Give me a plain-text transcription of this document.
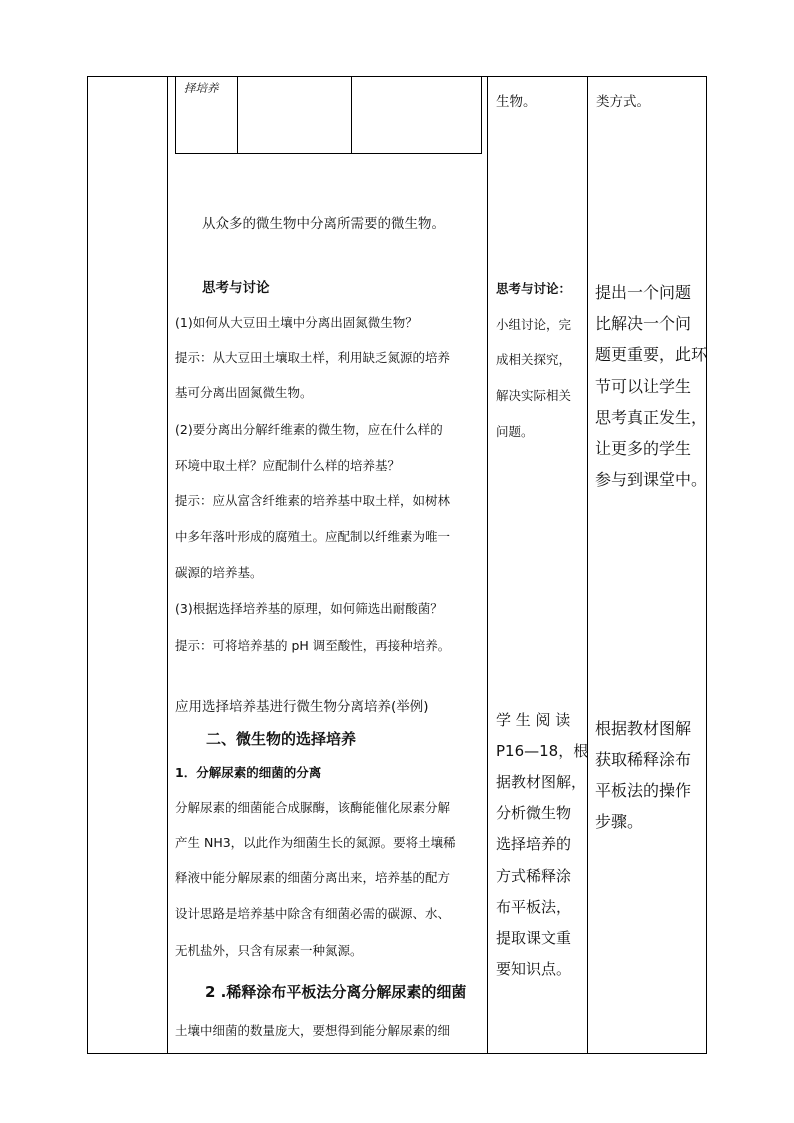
择培养
生物。	类方式。
从众多的微生物中分离所需要的微生物。
思考与讨论
(1)如何从大豆田土壤中分离出固氮微生物？
提示：从大豆田土壤取土样，利用缺乏氮源的培养
基可分离出固氮微生物。
(2)要分离出分解纤维素的微生物，应在什么样的
环境中取土样？应配制什么样的培养基？
提示：应从富含纤维素的培养基中取土样，如树林
中多年落叶形成的腐殖土。应配制以纤维素为唯一
碳源的培养基。
(3)根据选择培养基的原理，如何筛选出耐酸菌？
提示：可将培养基的 pH 调至酸性，再接种培养。
应用选择培养基进行微生物分离培养(举例)
二、微生物的选择培养
1．分解尿素的细菌的分离
分解尿素的细菌能合成脲酶，该酶能催化尿素分解
产生 NH3，以此作为细菌生长的氮源。要将土壤稀
释液中能分解尿素的细菌分离出来，培养基的配方
设计思路是培养基中除含有细菌必需的碳源、水、
无机盐外，只含有尿素一种氮源。
2 .稀释涂布平板法分离分解尿素的细菌
土壤中细菌的数量庞大，要想得到能分解尿素的细
思考与讨论：
小组讨论，完
成相关探究，
解决实际相关
问题。
学 生 阅 读
P16—18，根
据教材图解，
分析微生物
选择培养的
方式稀释涂
布平板法，
提取课文重
要知识点。
提出一个问题
比解决一个问
题更重要，此环
节可以让学生
思考真正发生，
让更多的学生
参与到课堂中。
根据教材图解
获取稀释涂布
平板法的操作
步骤。
